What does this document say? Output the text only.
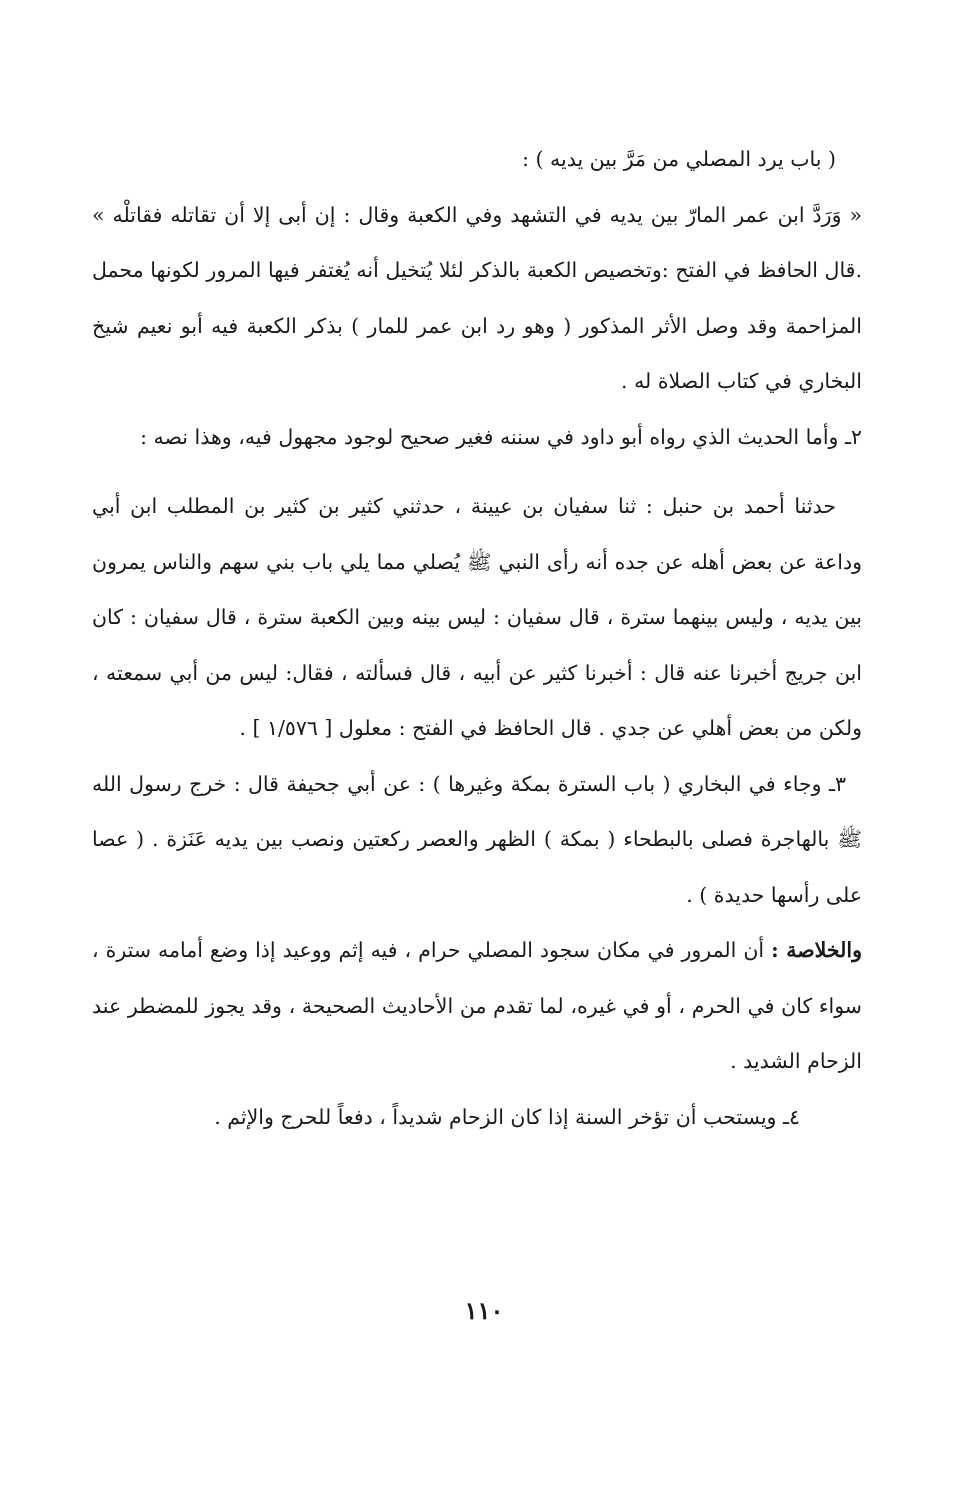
( باب يرد المصلي من مَرَّ بين يديه ) :

« وَرَدَّ ابن عمر المارّ بين يديه في التشهد وفي الكعبة وقال : إن أبى إلا أن تقاتله فقاتلْه » .قال الحافظ في الفتح :وتخصيص الكعبة بالذكر لئلا يُتخيل أنه يُغتفر فيها المرور لكونها محمل المزاحمة وقد وصل الأثر المذكور ( وهو رد ابن عمر للمار ) بذكر الكعبة فيه أبو نعيم شيخ البخاري في كتاب الصلاة له .

٢ـ وأما الحديث الذي رواه أبو داود في سننه فغير صحيح لوجود مجهول فيه، وهذا نصه :

حدثنا أحمد بن حنبل : ثنا سفيان بن عيينة ، حدثني كثير بن كثير بن المطلب ابن أبي وداعة عن بعض أهله عن جده أنه رأى النبي ﷺ يُصلي مما يلي باب بني سهم والناس يمرون بين يديه ، وليس بينهما سترة ، قال سفيان : ليس بينه وبين الكعبة سترة ، قال سفيان : كان ابن جريج أخبرنا عنه قال : أخبرنا كثير عن أبيه ، قال فسألته ، فقال: ليس من أبي سمعته ، ولكن من بعض أهلي عن جدي . قال الحافظ في الفتح : معلول [ ١/٥٧٦ ] .

٣ـ وجاء في البخاري ( باب السترة بمكة وغيرها ) : عن أبي جحيفة قال : خرج رسول الله ﷺ بالهاجرة فصلى بالبطحاء ( بمكة ) الظهر والعصر ركعتين ونصب بين يديه عَنَزة . ( عصا على رأسها حديدة ) .

والخلاصة : أن المرور في مكان سجود المصلي حرام ، فيه إثم ووعيد إذا وضع أمامه سترة ، سواء كان في الحرم ، أو في غيره، لما تقدم من الأحاديث الصحيحة ، وقد يجوز للمضطر عند الزحام الشديد .

٤ـ ويستحب أن تؤخر السنة إذا كان الزحام شديداً ، دفعاً للحرج والإثم .

١١٠
